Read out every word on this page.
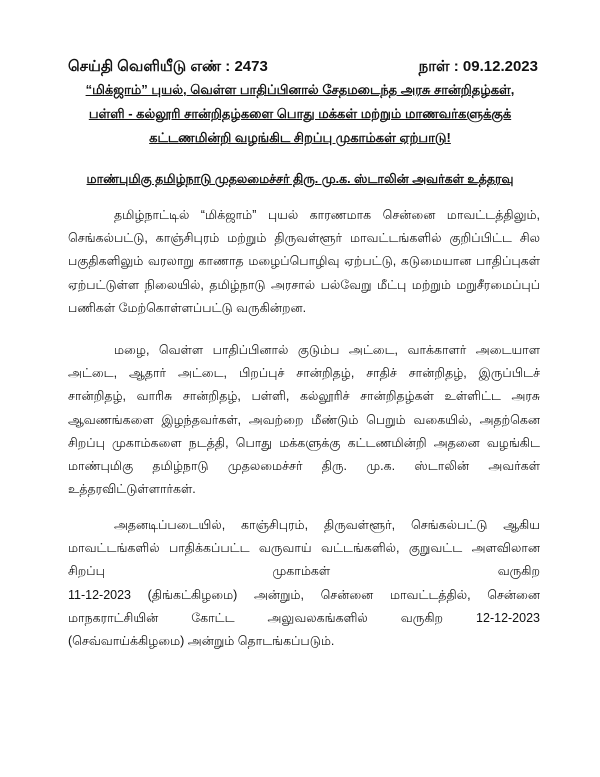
செய்தி வெளியீடு எண் : 2473	நாள் : 09.12.2023
“மிக்ஜாம்” புயல், வெள்ள பாதிப்பினால் சேதமடைந்த அரசு சான்றிதழ்கள்,
பள்ளி - கல்லூரி சான்றிதழ்களை பொது மக்கள் மற்றும் மாணவர்களுக்குக்
கட்டணமின்றி வழங்கிட சிறப்பு முகாம்கள் ஏற்பாடு!
மாண்புமிகு தமிழ்நாடு முதலமைச்சர் திரு. மு.க. ஸ்டாலின் அவர்கள் உத்தரவு
தமிழ்நாட்டில் “மிக்ஜாம்” புயல் காரணமாக சென்னை மாவட்டத்திலும்,
செங்கல்பட்டு, காஞ்சிபுரம் மற்றும் திருவள்ளூர் மாவட்டங்களில் குறிப்பிட்ட சில
பகுதிகளிலும் வரலாறு காணாத மழைப்பொழிவு ஏற்பட்டு, கடுமையான பாதிப்புகள்
ஏற்பட்டுள்ள நிலையில், தமிழ்நாடு அரசால் பல்வேறு மீட்பு மற்றும் மறுசீரமைப்புப்
பணிகள் மேற்கொள்ளப்பட்டு வருகின்றன.
மழை, வெள்ள பாதிப்பினால் குடும்ப அட்டை, வாக்காளர் அடையாள
அட்டை, ஆதார் அட்டை, பிறப்புச் சான்றிதழ், சாதிச் சான்றிதழ், இருப்பிடச்
சான்றிதழ், வாரிசு சான்றிதழ், பள்ளி, கல்லூரிச் சான்றிதழ்கள் உள்ளிட்ட அரசு
ஆவணங்களை இழந்தவர்கள், அவற்றை மீண்டும் பெறும் வகையில், அதற்கென
சிறப்பு முகாம்களை நடத்தி, பொது மக்களுக்கு கட்டணமின்றி அதனை வழங்கிட
மாண்புமிகு தமிழ்நாடு முதலமைச்சர் திரு. மு.க. ஸ்டாலின் அவர்கள்
உத்தரவிட்டுள்ளார்கள்.
அதனடிப்படையில், காஞ்சிபுரம், திருவள்ளூர், செங்கல்பட்டு ஆகிய
மாவட்டங்களில் பாதிக்கப்பட்ட வருவாய் வட்டங்களில், குறுவட்ட அளவிலான
சிறப்பு முகாம்கள் வருகிற
11-12-2023 (திங்கட்கிழமை) அன்றும், சென்னை மாவட்டத்தில், சென்னை
மாநகராட்சியின் கோட்ட அலுவலகங்களில் வருகிற 12-12-2023
(செவ்வாய்க்கிழமை) அன்றும் தொடங்கப்படும்.
